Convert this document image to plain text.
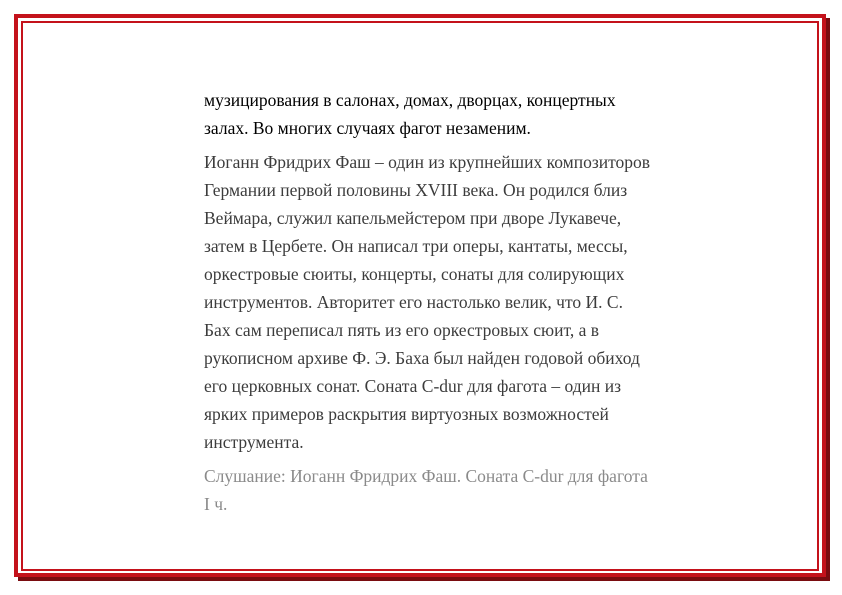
музицирования в салонах, домах, дворцах, концертных
залах. Во многих случаях фагот незаменим.

Иоганн Фридрих Фаш – один из крупнейших композиторов
Германии первой половины XVIII века. Он родился близ
Веймара, служил капельмейстером при дворе Лукавече,
затем в Цербете. Он написал три оперы, кантаты, мессы,
оркестровые сюиты, концерты, сонаты для солирующих
инструментов. Авторитет его настолько велик, что И. С.
Бах сам переписал пять из его оркестровых сюит, а в
рукописном архиве Ф. Э. Баха был найден годовой обиход
его церковных сонат. Соната С-dur для фагота – один из
ярких примеров раскрытия виртуозных возможностей
инструмента.

Слушание: Иоганн Фридрих Фаш. Соната С-dur для фагота
I ч.
